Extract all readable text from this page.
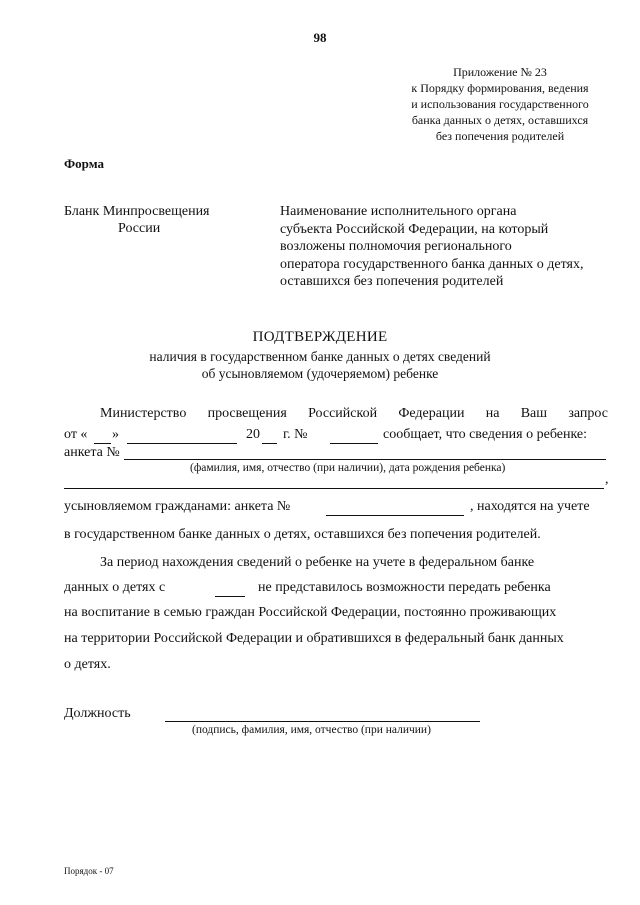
98
Приложение № 23
к Порядку формирования, ведения
и использования государственного
банка данных о детях, оставшихся
без попечения родителей
Форма
Бланк Минпросвещения
России
Наименование исполнительного органа
субъекта Российской Федерации, на который
возложены полномочия регионального
оператора государственного банка данных о детях,
оставшихся без попечения родителей
ПОДТВЕРЖДЕНИЕ
наличия в государственном банке данных о детях сведений
об усыновляемом (удочеряемом) ребенке
Министерство просвещения Российской Федерации на Ваш запрос
от « »	20 г. №	сообщает, что сведения о ребенке:
анкета №
(фамилия, имя, отчество (при наличии), дата рождения ребенка)
,
усыновляемом гражданами: анкета №	, находятся на учете
в государственном банке данных о детях, оставшихся без попечения родителей.
За период нахождения сведений о ребенке на учете в федеральном банке
данных о детях с	не представилось возможности передать ребенка
на воспитание в семью граждан Российской Федерации, постоянно проживающих
на территории Российской Федерации и обратившихся в федеральный банк данных
о детях.
Должность
(подпись, фамилия, имя, отчество (при наличии)
Порядок - 07
